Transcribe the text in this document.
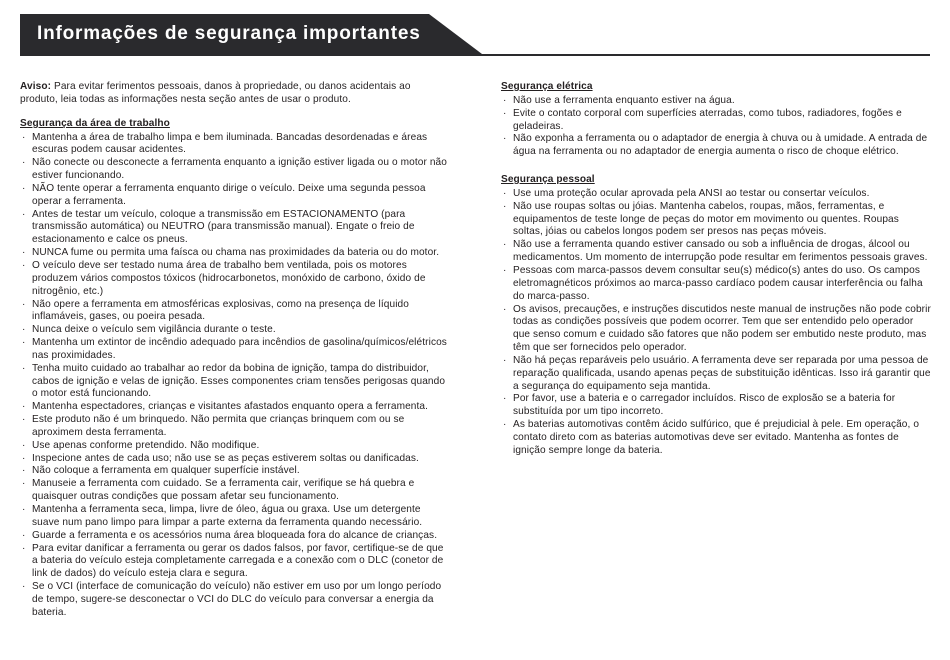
Informações de segurança importantes

Aviso: Para evitar ferimentos pessoais, danos à propriedade, ou danos acidentais ao produto, leia todas as informações nesta seção antes de usar o produto.

Segurança da área de trabalho
· Mantenha a área de trabalho limpa e bem iluminada. Bancadas desordenadas e áreas escuras podem causar acidentes.
· Não conecte ou desconecte a ferramenta enquanto a ignição estiver ligada ou o motor não estiver funcionando.
· NÃO tente operar a ferramenta enquanto dirige o veículo. Deixe uma segunda pessoa operar a ferramenta.
· Antes de testar um veículo, coloque a transmissão em ESTACIONAMENTO (para transmissão automática) ou NEUTRO (para transmissão manual). Engate o freio de estacionamento e calce os pneus.
· NUNCA fume ou permita uma faísca ou chama nas proximidades da bateria ou do motor.
· O veículo deve ser testado numa área de trabalho bem ventilada, pois os motores produzem vários compostos tóxicos (hidrocarbonetos, monóxido de carbono, óxido de nitrogênio, etc.)
· Não opere a ferramenta em atmosféricas explosivas, como na presença de líquido inflamáveis, gases, ou poeira pesada.
· Nunca deixe o veículo sem vigilância durante o teste.
· Mantenha um extintor de incêndio adequado para incêndios de gasolina/químicos/elétricos nas proximidades.
· Tenha muito cuidado ao trabalhar ao redor da bobina de ignição, tampa do distribuidor, cabos de ignição e velas de ignição. Esses componentes criam tensões perigosas quando o motor está funcionando.
· Mantenha espectadores, crianças e visitantes afastados enquanto opera a ferramenta.
· Este produto não é um brinquedo. Não permita que crianças brinquem com ou se aproximem desta ferramenta.
· Use apenas conforme pretendido. Não modifique.
· Inspecione antes de cada uso; não use se as peças estiverem soltas ou danificadas.
· Não coloque a ferramenta em qualquer superfície instável.
· Manuseie a ferramenta com cuidado. Se a ferramenta cair, verifique se há quebra e quaisquer outras condições que possam afetar seu funcionamento.
· Mantenha a ferramenta seca, limpa, livre de óleo, água ou graxa. Use um detergente suave num pano limpo para limpar a parte externa da ferramenta quando necessário.
· Guarde a ferramenta e os acessórios numa área bloqueada fora do alcance de crianças.
· Para evitar danificar a ferramenta ou gerar os dados falsos, por favor, certifique-se de que a bateria do veículo esteja completamente carregada e a conexão com o DLC (conetor de link de dados) do veículo esteja clara e segura.
· Se o VCI (interface de comunicação do veículo) não estiver em uso por um longo período de tempo, sugere-se desconectar o VCI do DLC do veículo para conversar a energia da bateria.
Segurança elétrica
· Não use a ferramenta enquanto estiver na água.
· Evite o contato corporal com superfícies aterradas, como tubos, radiadores, fogões e geladeiras.
· Não exponha a ferramenta ou o adaptador de energia à chuva ou à umidade. A entrada de água na ferramenta ou no adaptador de energia aumenta o risco de choque elétrico.
Segurança pessoal
· Use uma proteção ocular aprovada pela ANSI ao testar ou consertar veículos.
· Não use roupas soltas ou jóias. Mantenha cabelos, roupas, mãos, ferramentas, e equipamentos de teste longe de peças do motor em movimento ou quentes. Roupas soltas, jóias ou cabelos longos podem ser presos nas peças móveis.
· Não use a ferramenta quando estiver cansado ou sob a influência de drogas, álcool ou medicamentos. Um momento de interrupção pode resultar em ferimentos pessoais graves.
· Pessoas com marca-passos devem consultar seu(s) médico(s) antes do uso. Os campos eletromagnéticos próximos ao marca-passo cardíaco podem causar interferência ou falha do marca-passo.
· Os avisos, precauções, e instruções discutidos neste manual de instruções não pode cobrir todas as condições possíveis que podem ocorrer. Tem que ser entendido pelo operador que senso comum e cuidado são fatores que não podem ser embutido neste produto, mas têm que ser fornecidos pelo operador.
· Não há peças reparáveis pelo usuário. A ferramenta deve ser reparada por uma pessoa de reparação qualificada, usando apenas peças de substituição idênticas. Isso irá garantir que a segurança do equipamento seja mantida.
· Por favor, use a bateria e o carregador incluídos. Risco de explosão se a bateria for substituída por um tipo incorreto.
· As baterias automotivas contêm ácido sulfúrico, que é prejudicial à pele. Em operação, o contato direto com as baterias automotivas deve ser evitado. Mantenha as fontes de ignição sempre longe da bateria.
